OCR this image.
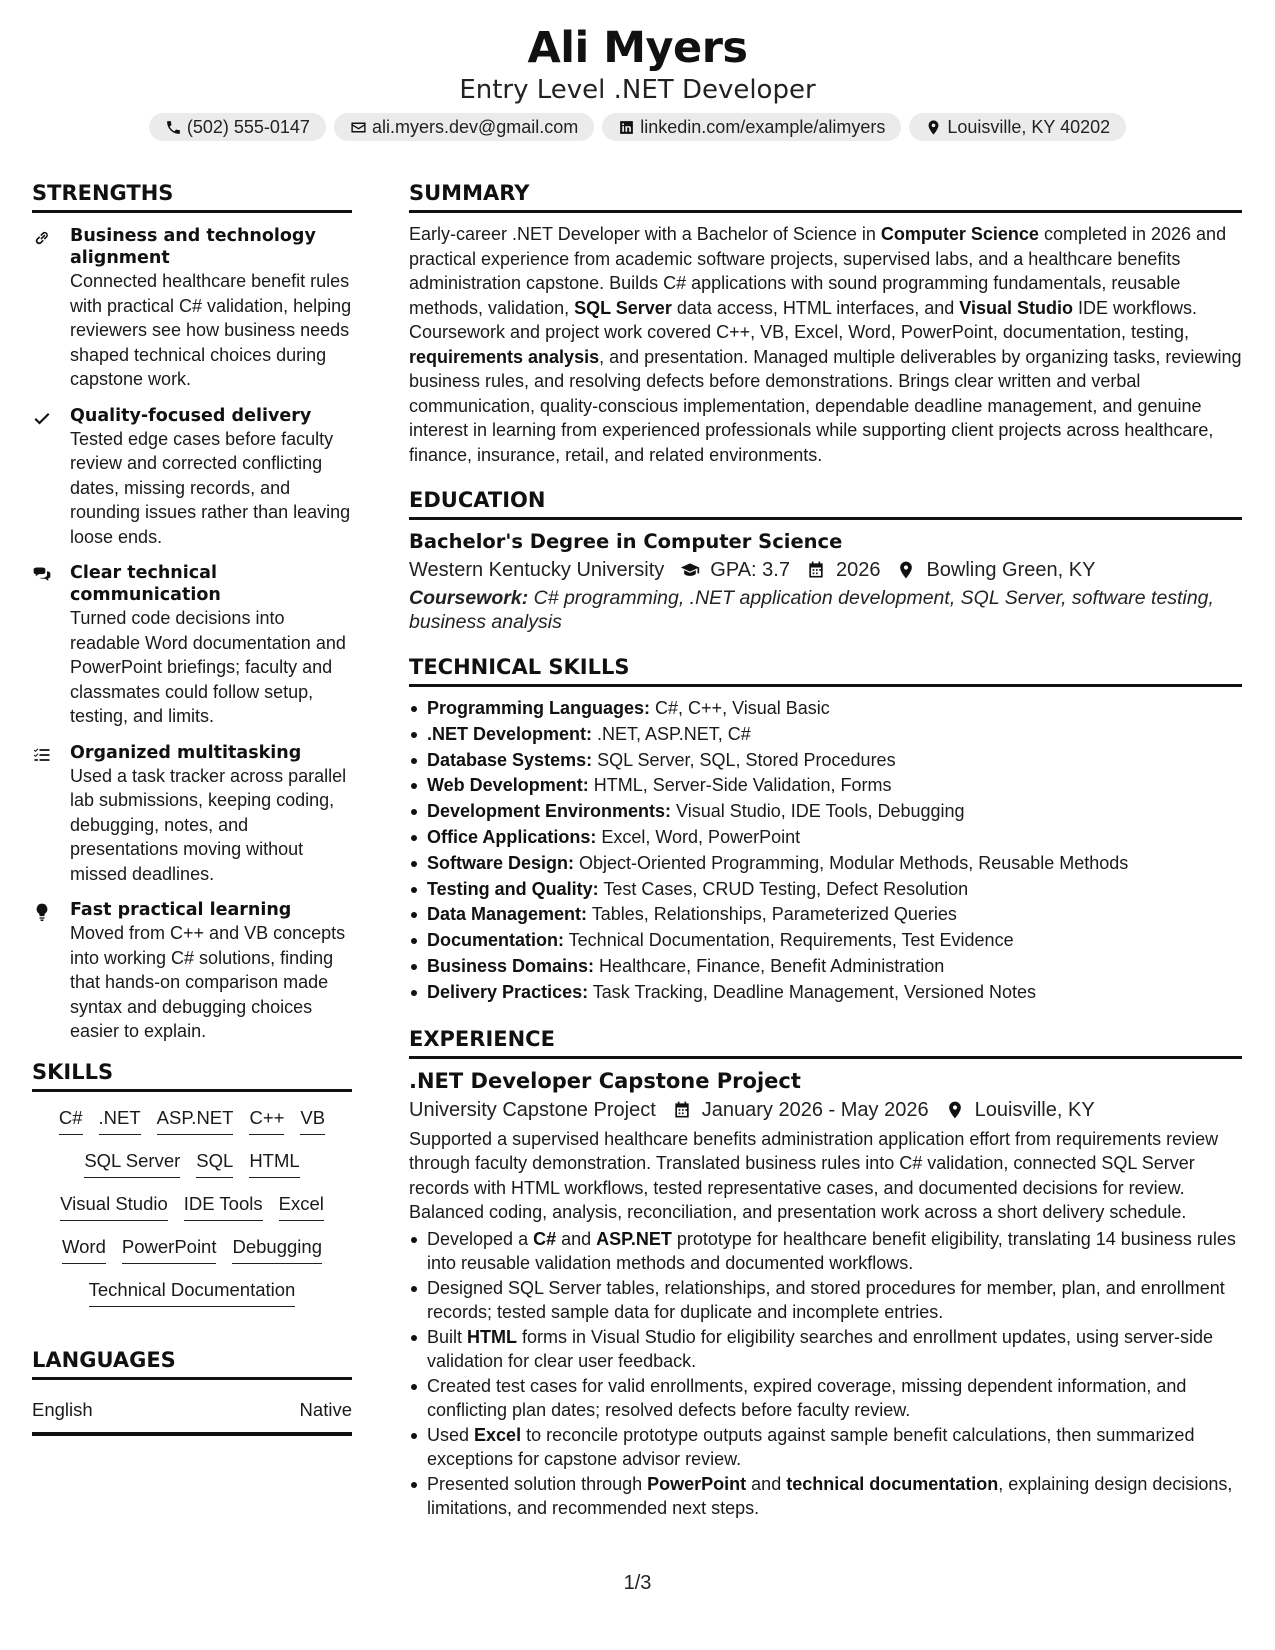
Ali Myers
Entry Level .NET Developer
(502) 555-0147	ali.myers.dev@gmail.com	linkedin.com/example/alimyers	Louisville, KY 40202
STRENGTHS
Business and technology alignment
Connected healthcare benefit rules with practical C# validation, helping reviewers see how business needs shaped technical choices during capstone work.
Quality-focused delivery
Tested edge cases before faculty review and corrected conflicting dates, missing records, and rounding issues rather than leaving loose ends.
Clear technical communication
Turned code decisions into readable Word documentation and PowerPoint briefings; faculty and classmates could follow setup, testing, and limits.
Organized multitasking
Used a task tracker across parallel lab submissions, keeping coding, debugging, notes, and presentations moving without missed deadlines.
Fast practical learning
Moved from C++ and VB concepts into working C# solutions, finding that hands-on comparison made syntax and debugging choices easier to explain.
SKILLS
C# .NET ASP.NET C++ VB
SQL Server SQL HTML
Visual Studio IDE Tools Excel
Word PowerPoint Debugging
Technical Documentation
LANGUAGES
English	Native
SUMMARY

Early-career .NET Developer with a Bachelor of Science in Computer Science completed in 2026 and practical experience from academic software projects, supervised labs, and a healthcare benefits administration capstone. Builds C# applications with sound programming fundamentals, reusable methods, validation, SQL Server data access, HTML interfaces, and Visual Studio IDE workflows. Coursework and project work covered C++, VB, Excel, Word, PowerPoint, documentation, testing, requirements analysis, and presentation. Managed multiple deliverables by organizing tasks, reviewing business rules, and resolving defects before demonstrations. Brings clear written and verbal communication, quality-conscious implementation, dependable deadline management, and genuine interest in learning from experienced professionals while supporting client projects across healthcare, finance, insurance, retail, and related environments.

EDUCATION
Bachelor's Degree in Computer Science
Western Kentucky University GPA: 3.7 2026 Bowling Green, KY
Coursework: C# programming, .NET application development, SQL Server, software testing, business analysis
TECHNICAL SKILLS
Programming Languages: C#, C++, Visual Basic
.NET Development: .NET, ASP.NET, C#
Database Systems: SQL Server, SQL, Stored Procedures
Web Development: HTML, Server-Side Validation, Forms
Development Environments: Visual Studio, IDE Tools, Debugging
Office Applications: Excel, Word, PowerPoint
Software Design: Object-Oriented Programming, Modular Methods, Reusable Methods
Testing and Quality: Test Cases, CRUD Testing, Defect Resolution
Data Management: Tables, Relationships, Parameterized Queries
Documentation: Technical Documentation, Requirements, Test Evidence
Business Domains: Healthcare, Finance, Benefit Administration
Delivery Practices: Task Tracking, Deadline Management, Versioned Notes
EXPERIENCE
.NET Developer Capstone Project
University Capstone Project January 2026 - May 2026 Louisville, KY

Supported a supervised healthcare benefits administration application effort from requirements review through faculty demonstration. Translated business rules into C# validation, connected SQL Server records with HTML workflows, tested representative cases, and documented decisions for review. Balanced coding, analysis, reconciliation, and presentation work across a short delivery schedule.

Developed a C# and ASP.NET prototype for healthcare benefit eligibility, translating 14 business rules into reusable validation methods and documented workflows.
Designed SQL Server tables, relationships, and stored procedures for member, plan, and enrollment records; tested sample data for duplicate and incomplete entries.
Built HTML forms in Visual Studio for eligibility searches and enrollment updates, using server-side validation for clear user feedback.
Created test cases for valid enrollments, expired coverage, missing dependent information, and conflicting plan dates; resolved defects before faculty review.
Used Excel to reconcile prototype outputs against sample benefit calculations, then summarized exceptions for capstone advisor review.
Presented solution through PowerPoint and technical documentation, explaining design decisions, limitations, and recommended next steps.
1/3
